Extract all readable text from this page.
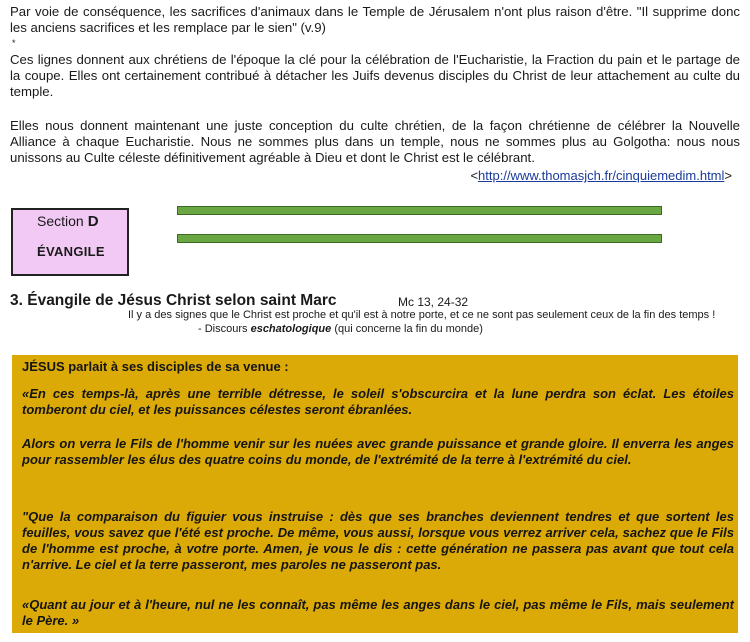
Par voie de conséquence, les sacrifices d'animaux dans le Temple de Jérusalem n'ont plus raison d'être. "Il supprime donc les anciens sacrifices et les remplace par le sien" (v.9)
*
Ces lignes donnent aux chrétiens de l'époque la clé pour la célébration de l'Eucharistie, la Fraction du pain et le partage de la coupe. Elles ont certainement contribué à détacher les Juifs devenus disciples du Christ de leur attachement au culte du temple.
Elles nous donnent maintenant une juste conception du culte chrétien, de la façon chrétienne de célébrer la Nouvelle Alliance à chaque Eucharistie. Nous ne sommes plus dans un temple, nous ne sommes plus au Golgotha: nous nous unissons au Culte céleste définitivement agréable à Dieu et dont le Christ est le célébrant.
<http://www.thomasjch.fr/cinquiemedim.html>
Section D
ÉVANGILE
3. Évangile de Jésus Christ selon saint Marc	Mc 13, 24-32
Il y a des signes que le Christ est proche et qu'il est à notre porte, et ce ne sont pas seulement ceux de la fin des temps !- Discours eschatologique (qui concerne la fin du monde)
JÉSUS parlait à ses disciples de sa venue :
«En ces temps-là, après une terrible détresse, le soleil s'obscurcira et la lune perdra son éclat. Les étoiles tomberont du ciel, et les puissances célestes seront ébranlées.
Alors on verra le Fils de l'homme venir sur les nuées avec grande puissance et grande gloire. Il enverra les anges pour rassembler les élus des quatre coins du monde, de l'extrémité de la terre à l'extrémité du ciel.
"Que la comparaison du figuier vous instruise : dès que ses branches deviennent tendres et que sortent les feuilles, vous savez que l'été est proche. De même, vous aussi, lorsque vous verrez arriver cela, sachez que le Fils de l'homme est proche, à votre porte. Amen, je vous le dis : cette génération ne passera pas avant que tout cela n'arrive. Le ciel et la terre passeront, mes paroles ne passeront pas.
«Quant au jour et à l'heure, nul ne les connaît, pas même les anges dans le ciel, pas même le Fils, mais seulement le Père. »
